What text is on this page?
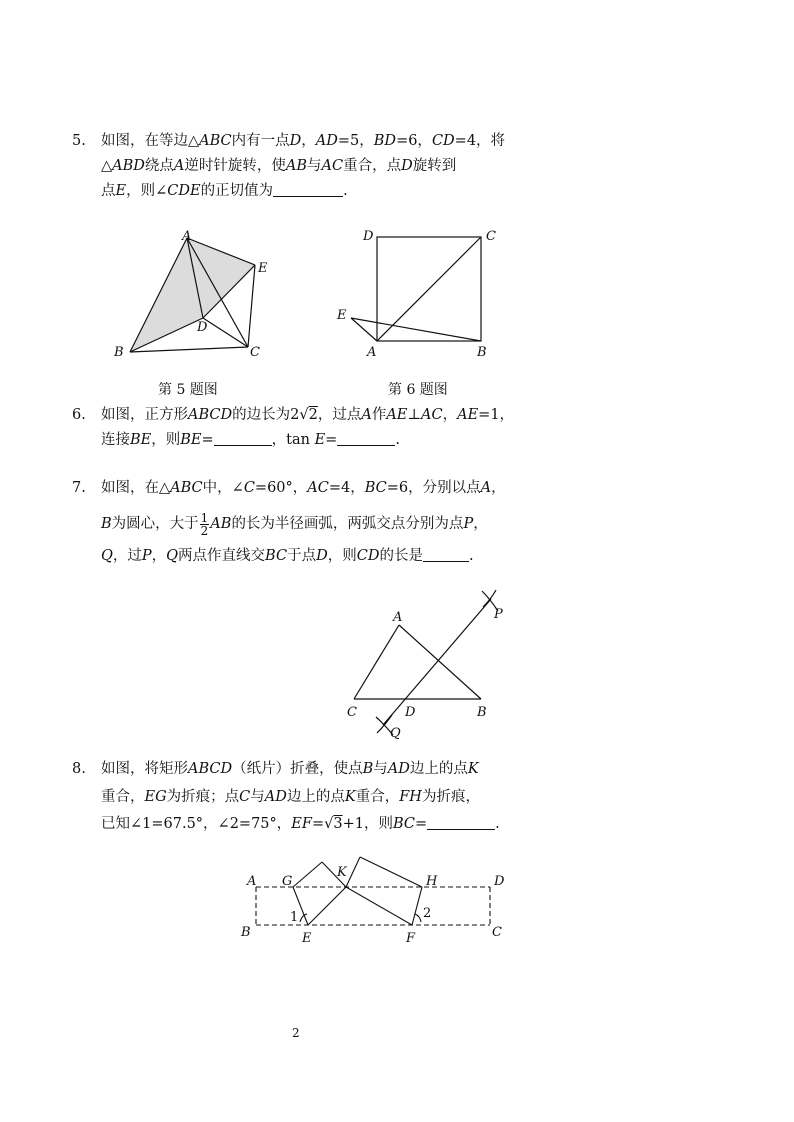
5. 如图，在等边△ABC内有一点D，AD=5，BD=6，CD=4，将
△ABD绕点A逆时针旋转，使AB与AC重合，点D旋转到
点E，则∠CDE的正切值为	.
A
E
D
B	C
第 5 题图
D	C
E
A	B
第 6 题图
6. 如图，正方形ABCD的边长为2√2，过点A作AE⊥AC，AE=1，
连接BE，则BE=	，tan E=	.
7. 如图，在△ABC中，∠C=60°，AC=4，BC=6，分别以点A，
B为圆心，大于 $\frac{1}{2}$ AB的长为半径画弧，两弧交点分别为点P，
Q，过P，Q两点作直线交BC于点D，则CD的长是	.
A	P
C	D	B
Q
8. 如图，将矩形ABCD（纸片）折叠，使点B与AD边上的点K
重合，EG为折痕；点C与AD边上的点K重合，FH为折痕，
已知∠1=67.5°，∠2=75°，EF=√3+1，则BC=	.
A G
K
H	D
1	2
B	E	F	C
2
